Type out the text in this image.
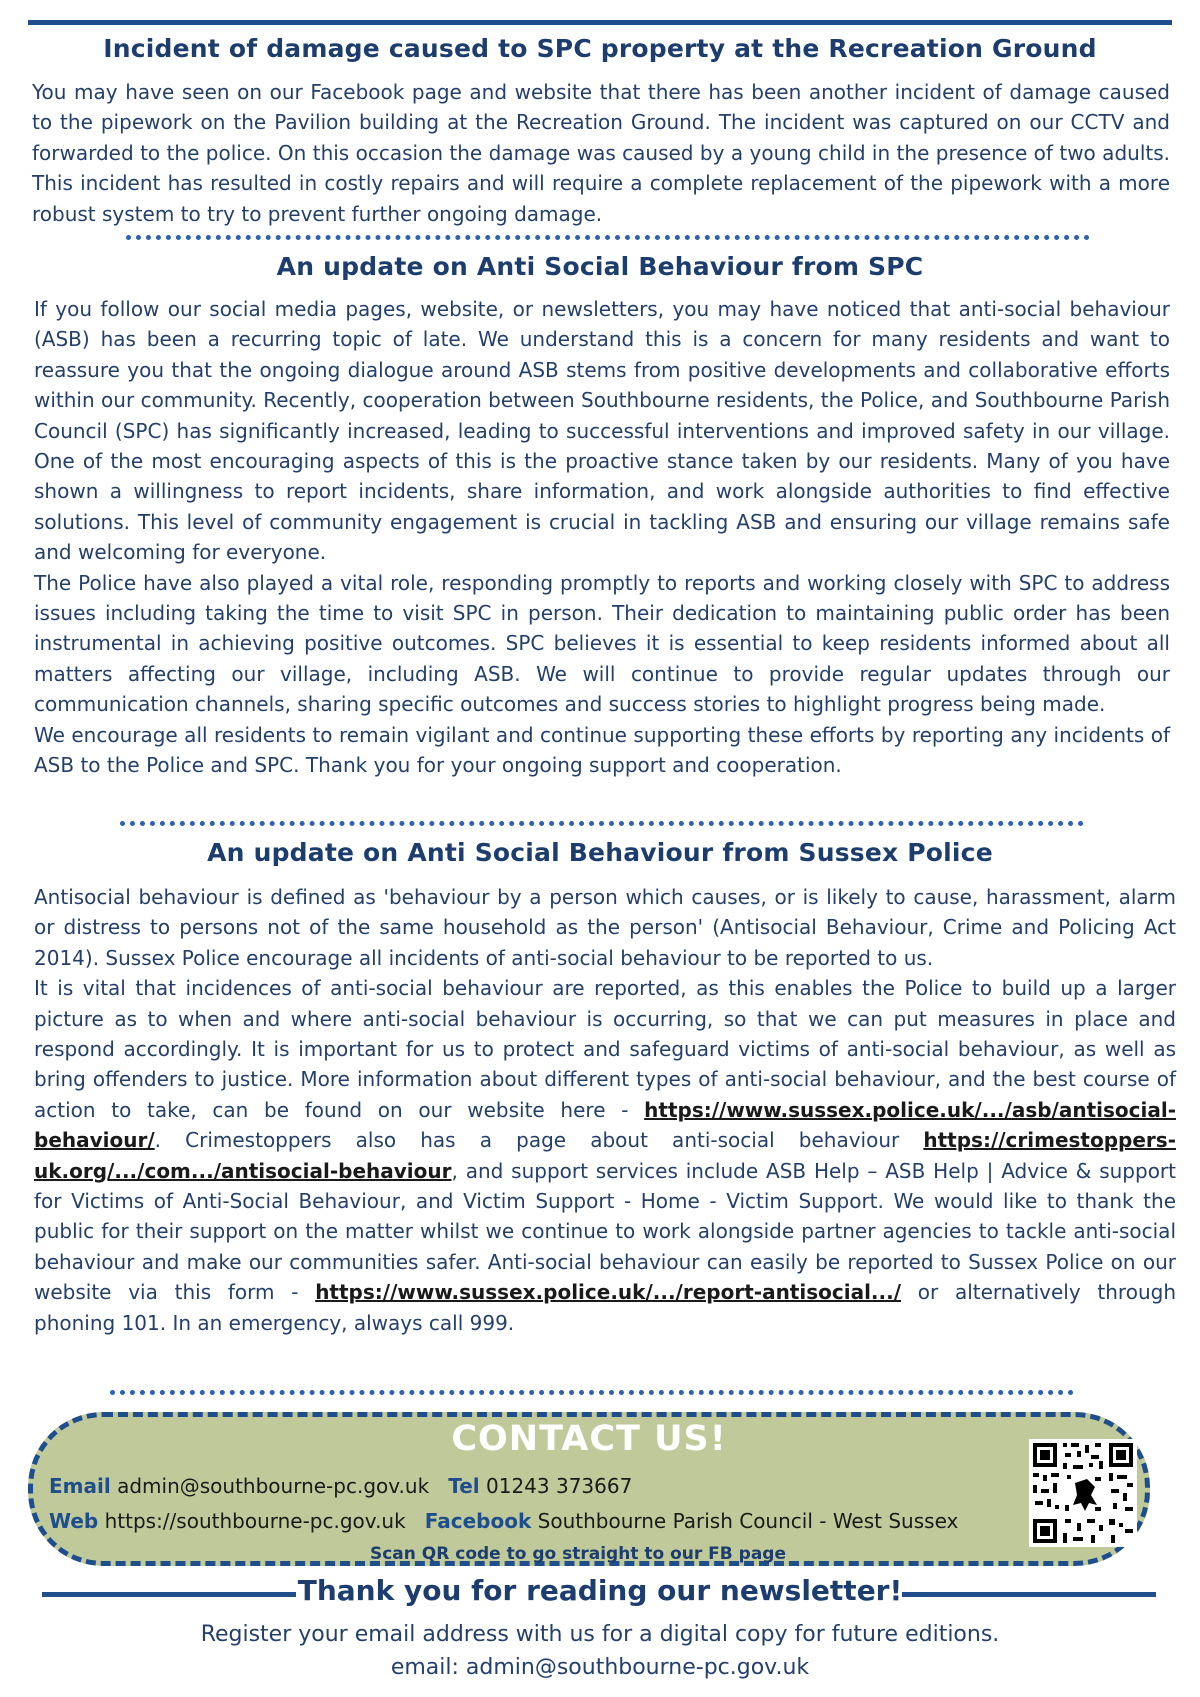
Incident of damage caused to SPC property at the Recreation Ground

You may have seen on our Facebook page and website that there has been another incident of damage caused to the pipework on the Pavilion building at the Recreation Ground. The incident was captured on our CCTV and forwarded to the police. On this occasion the damage was caused by a young child in the presence of two adults. This incident has resulted in costly repairs and will require a complete replacement of the pipework with a more robust system to try to prevent further ongoing damage.

An update on Anti Social Behaviour from SPC

If you follow our social media pages, website, or newsletters, you may have noticed that anti-social behaviour (ASB) has been a recurring topic of late. We understand this is a concern for many residents and want to reassure you that the ongoing dialogue around ASB stems from positive developments and collaborative efforts within our community. Recently, cooperation between Southbourne residents, the Police, and Southbourne Parish Council (SPC) has significantly increased, leading to successful interventions and improved safety in our village. One of the most encouraging aspects of this is the proactive stance taken by our residents. Many of you have shown a willingness to report incidents, share information, and work alongside authorities to find effective solutions. This level of community engagement is crucial in tackling ASB and ensuring our village remains safe and welcoming for everyone.

The Police have also played a vital role, responding promptly to reports and working closely with SPC to address issues including taking the time to visit SPC in person. Their dedication to maintaining public order has been instrumental in achieving positive outcomes. SPC believes it is essential to keep residents informed about all matters affecting our village, including ASB. We will continue to provide regular updates through our communication channels, sharing specific outcomes and success stories to highlight progress being made.

We encourage all residents to remain vigilant and continue supporting these efforts by reporting any incidents of ASB to the Police and SPC. Thank you for your ongoing support and cooperation.

An update on Anti Social Behaviour from Sussex Police

Antisocial behaviour is defined as 'behaviour by a person which causes, or is likely to cause, harassment, alarm or distress to persons not of the same household as the person' (Antisocial Behaviour, Crime and Policing Act 2014). Sussex Police encourage all incidents of anti-social behaviour to be reported to us.

It is vital that incidences of anti-social behaviour are reported, as this enables the Police to build up a larger picture as to when and where anti-social behaviour is occurring, so that we can put measures in place and respond accordingly. It is important for us to protect and safeguard victims of anti-social behaviour, as well as bring offenders to justice. More information about different types of anti-social behaviour, and the best course of action to take, can be found on our website here - https://www.sussex.police.uk/.../asb/antisocial-behaviour/. Crimestoppers also has a page about anti-social behaviour https://crimestoppers-uk.org/.../com.../antisocial-behaviour, and support services include ASB Help – ASB Help | Advice & support for Victims of Anti-Social Behaviour, and Victim Support - Home - Victim Support. We would like to thank the public for their support on the matter whilst we continue to work alongside partner agencies to tackle anti-social behaviour and make our communities safer. Anti-social behaviour can easily be reported to Sussex Police on our website via this form - https://www.sussex.police.uk/.../report-antisocial.../ or alternatively through phoning 101. In an emergency, always call 999.

CONTACT US!
Email admin@southbourne-pc.gov.uk Tel 01243 373667
Web https://southbourne-pc.gov.uk Facebook Southbourne Parish Council - West Sussex
Scan QR code to go straight to our FB page
Thank you for reading our newsletter!
Register your email address with us for a digital copy for future editions.
email: admin@southbourne-pc.gov.uk
